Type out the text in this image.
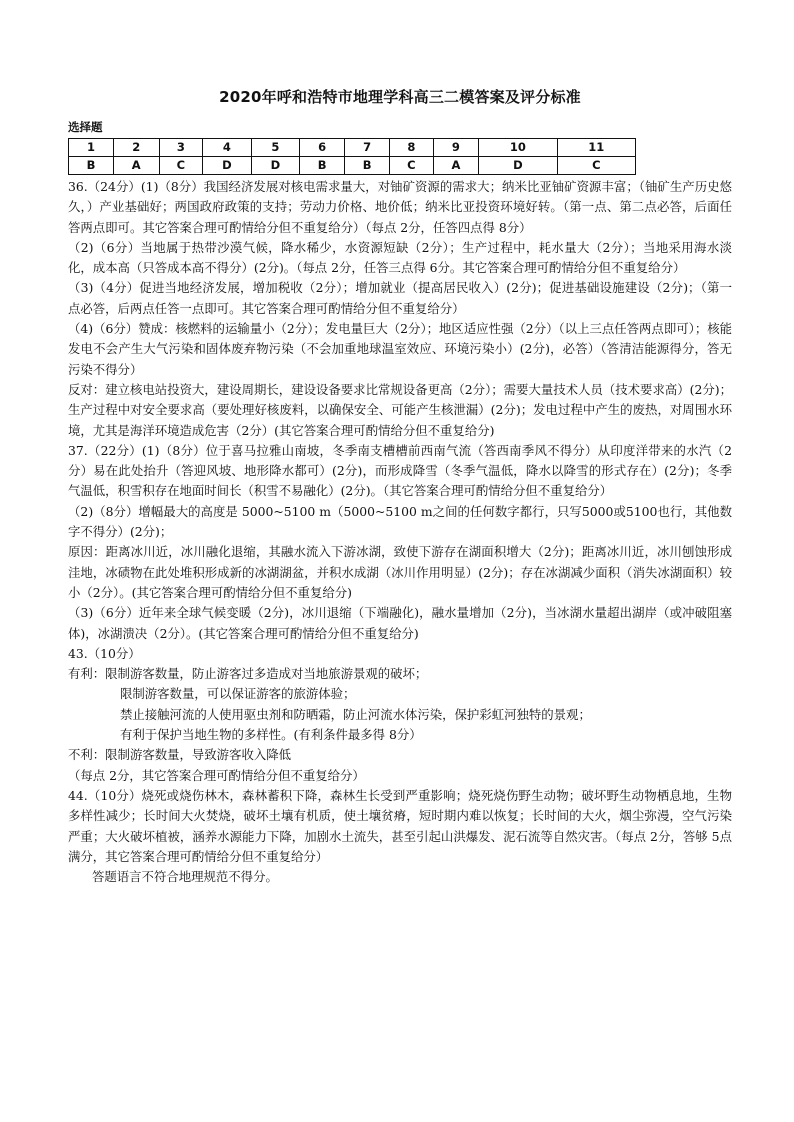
2020年呼和浩特市地理学科高三二模答案及评分标准
选择题
1	2	3	4	5	6	7	8	9	10	11
B	A	C	D	D	B	B	C	A	D	C

36.（24分）(1)（8分）我国经济发展对核电需求量大，对铀矿资源的需求大；纳米比亚铀矿资源丰富；（铀矿生产历史悠久，）产业基础好；两国政府政策的支持；劳动力价格、地价低；纳米比亚投资环境好转。（第一点、第二点必答，后面任答两点即可。其它答案合理可酌情给分但不重复给分）（每点 2分，任答四点得 8分）

（2)（6分）当地属于热带沙漠气候，降水稀少，水资源短缺（2分）；生产过程中，耗水量大（2分）；当地采用海水淡化，成本高（只答成本高不得分）(2分)。（每点 2分，任答三点得 6分。其它答案合理可酌情给分但不重复给分）

（3)（4分）促进当地经济发展，增加税收（2分）；增加就业（提高居民收入）(2分)；促进基础设施建设（2分)；（第一点必答，后两点任答一点即可。其它答案合理可酌情给分但不重复给分）

（4)（6分）赞成：核燃料的运输量小（2分）；发电量巨大（2分）；地区适应性强（2分）（以上三点任答两点即可）；核能发电不会产生大气污染和固体废弃物污染（不会加重地球温室效应、环境污染小）(2分)，必答）（答清洁能源得分，答无污染不得分）

反对：建立核电站投资大，建设周期长，建设设备要求比常规设备更高（2分）；需要大量技术人员（技术要求高）(2分)；生产过程中对安全要求高（要处理好核废料，以确保安全、可能产生核泄漏）(2分)；发电过程中产生的废热，对周围水环境，尤其是海洋环境造成危害（2分）(其它答案合理可酌情给分但不重复给分)

37.（22分）(1)（8分）位于喜马拉雅山南坡，冬季南支槽槽前西南气流（答西南季风不得分）从印度洋带来的水汽（2分）易在此处抬升（答迎风坡、地形降水都可）(2分)，而形成降雪（冬季气温低，降水以降雪的形式存在）(2分)；冬季气温低，积雪积存在地面时间长（积雪不易融化）(2分)。（其它答案合理可酌情给分但不重复给分）

（2)（8分）增幅最大的高度是 5000~5100 m（5000~5100 m之间的任何数字都行，只写5000或5100也行，其他数字不得分）(2分)；

原因：距离冰川近，冰川融化退缩，其融水流入下游冰湖，致使下游存在湖面积增大（2分)；距离冰川近，冰川刨蚀形成洼地，冰碛物在此处堆积形成新的冰湖湖盆，并积水成湖（冰川作用明显）(2分)；存在冰湖减少面积（消失冰湖面积）较小（2分）。(其它答案合理可酌情给分但不重复给分)

（3)（6分）近年来全球气候变暖（2分)，冰川退缩（下端融化)，融水量增加（2分)，当冰湖水量超出湖岸（或冲破阻塞体)，冰湖溃决（2分）。(其它答案合理可酌情给分但不重复给分)

43.（10分）

有利：限制游客数量，防止游客过多造成对当地旅游景观的破坏；

限制游客数量，可以保证游客的旅游体验；

禁止接触河流的人使用驱虫剂和防晒霜，防止河流水体污染，保护彩虹河独特的景观；

有利于保护当地生物的多样性。(有利条件最多得 8分）

不利：限制游客数量，导致游客收入降低

（每点 2分，其它答案合理可酌情给分但不重复给分）

44.（10分）烧死或烧伤林木，森林蓄积下降，森林生长受到严重影响；烧死烧伤野生动物；破坏野生动物栖息地，生物多样性减少；长时间大火焚烧，破坏土壤有机质，使土壤贫瘠，短时期内难以恢复；长时间的大火，烟尘弥漫，空气污染严重；大火破坏植被，涵养水源能力下降，加剧水土流失，甚至引起山洪爆发、泥石流等自然灾害。（每点 2分，答够 5点满分，其它答案合理可酌情给分但不重复给分）

答题语言不符合地理规范不得分。
